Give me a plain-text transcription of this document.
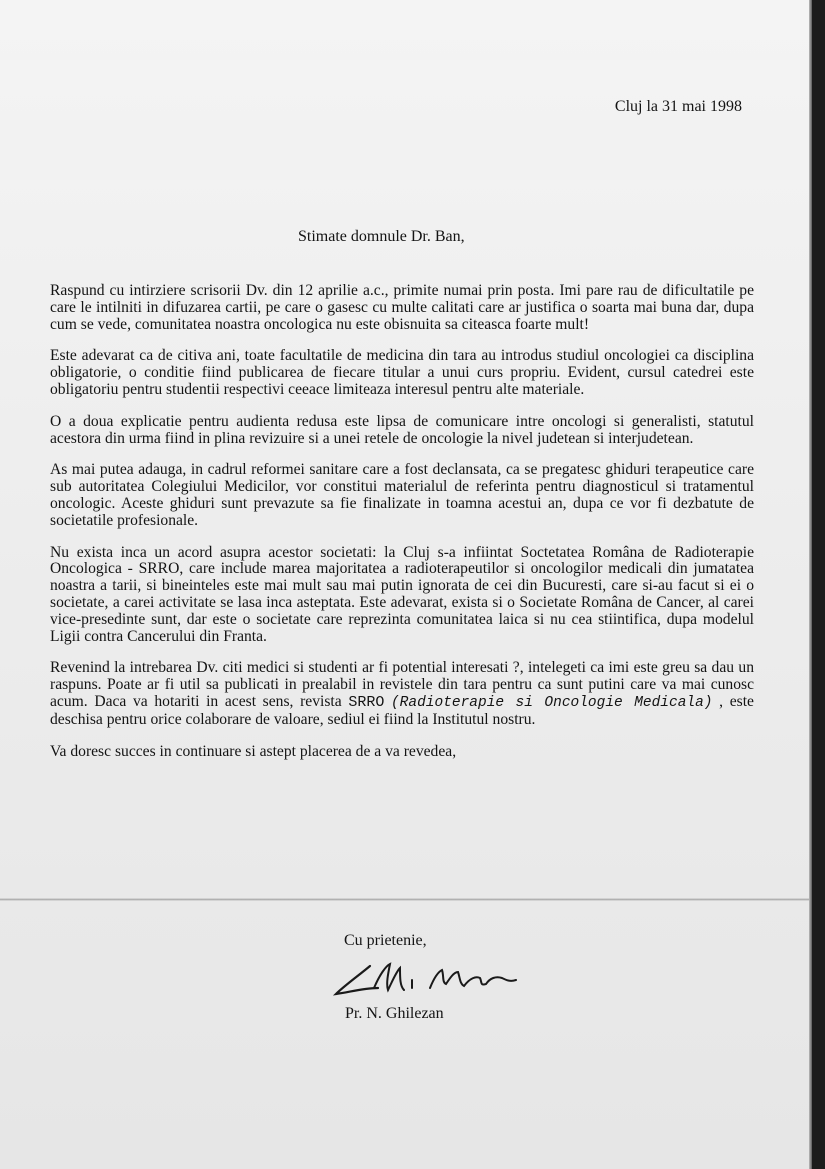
Cluj la 31 mai 1998
Stimate domnule Dr. Ban,

Raspund cu intirziere scrisorii Dv. din 12 aprilie a.c., primite numai prin posta. Imi pare rau de dificultatile pe care le intilniti in difuzarea cartii, pe care o gasesc cu multe calitati care ar justifica o soarta mai buna dar, dupa cum se vede, comunitatea noastra oncologica nu este obisnuita sa citeasca foarte mult!

Este adevarat ca de citiva ani, toate facultatile de medicina din tara au introdus studiul oncologiei ca disciplina obligatorie, o conditie fiind publicarea de fiecare titular a unui curs propriu. Evident, cursul catedrei este obligatoriu pentru studentii respectivi ceeace limiteaza interesul pentru alte materiale.

O a doua explicatie pentru audienta redusa este lipsa de comunicare intre oncologi si generalisti, statutul acestora din urma fiind in plina revizuire si a unei retele de oncologie la nivel judetean si interjudetean.

As mai putea adauga, in cadrul reformei sanitare care a fost declansata, ca se pregatesc ghiduri terapeutice care sub autoritatea Colegiului Medicilor, vor constitui materialul de referinta pentru diagnosticul si tratamentul oncologic. Aceste ghiduri sunt prevazute sa fie finalizate in toamna acestui an, dupa ce vor fi dezbatute de societatile profesionale.

Nu exista inca un acord asupra acestor societati: la Cluj s-a infiintat Soctetatea Româna de Radioterapie Oncologica - SRRO, care include marea majoritatea a radioterapeutilor si oncologilor medicali din jumatatea noastra a tarii, si bineinteles este mai mult sau mai putin ignorata de cei din Bucuresti, care si-au facut si ei o societate, a carei activitate se lasa inca asteptata. Este adevarat, exista si o Societate Româna de Cancer, al carei vice-presedinte sunt, dar este o societate care reprezinta comunitatea laica si nu cea stiintifica, dupa modelul Ligii contra Cancerului din Franta.

Revenind la intrebarea Dv. citi medici si studenti ar fi potential interesati ?, intelegeti ca imi este greu sa dau un raspuns. Poate ar fi util sa publicati in prealabil in revistele din tara pentru ca sunt putini care va mai cunosc acum. Daca va hotariti in acest sens, revista SRRO (Radioterapie si Oncologie Medicala) , este deschisa pentru orice colaborare de valoare, sediul ei fiind la Institutul nostru.

Va doresc succes in continuare si astept placerea de a va revedea,

Cu prietenie,
Pr. N. Ghilezan
